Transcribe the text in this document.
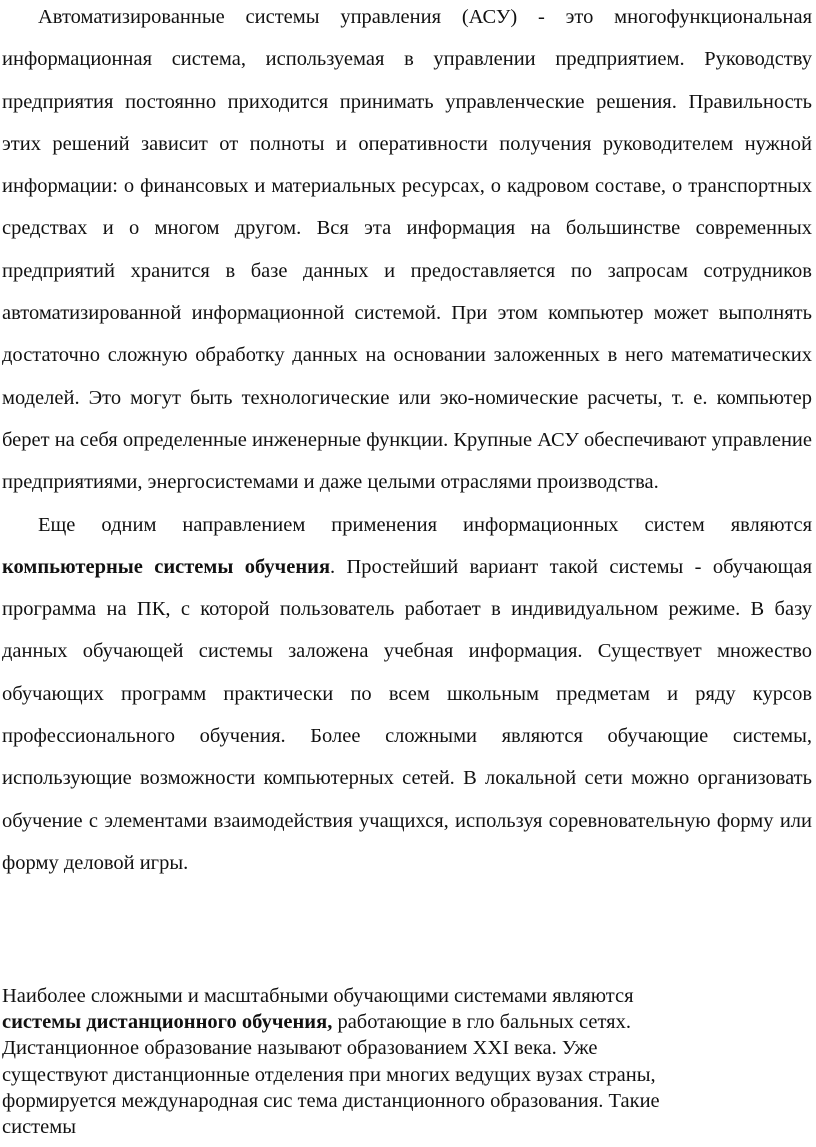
Автоматизированные системы управления (АСУ) - это многофункциональная информационная система, используемая в управлении предприятием. Руководству предприятия постоянно приходится принимать управленческие решения. Правильность этих решений зависит от полноты и оперативности получения руководителем нужной информации: о финансовых и материальных ресурсах, о кадровом составе, о транспортных средствах и о многом другом. Вся эта информация на большинстве современных предприятий хранится в базе данных и предоставляется по запросам сотрудников автоматизированной информационной системой. При этом компьютер может выполнять достаточно сложную обработку данных на основании заложенных в него математических моделей. Это могут быть технологические или эко-номические расчеты, т. е. компьютер берет на себя определенные инженерные функции. Крупные АСУ обеспечивают управление предприятиями, энергосистемами и даже целыми отраслями производства.

Еще одним направлением применения информационных систем являются компьютерные системы обучения. Простейший вариант такой системы - обучающая программа на ПК, с которой пользователь работает в индивидуальном режиме. В базу данных обучающей системы заложена учебная информация. Существует множество обучающих программ практически по всем школьным предметам и ряду курсов профессионального обучения. Более сложными являются обучающие системы, использующие возможности компьютерных сетей. В локальной сети можно организовать обучение с элементами взаимодействия учащихся, используя соревновательную форму или форму деловой игры.

Наиболее сложными и масштабными обучающими системами являются
системы дистанционного обучения, работающие в гло бальных сетях.
Дистанционное образование называют образованием XXI века. Уже
существуют дистанционные отделения при многих ведущих вузах страны,
формируется международная сис тема дистанционного образования. Такие
системы
